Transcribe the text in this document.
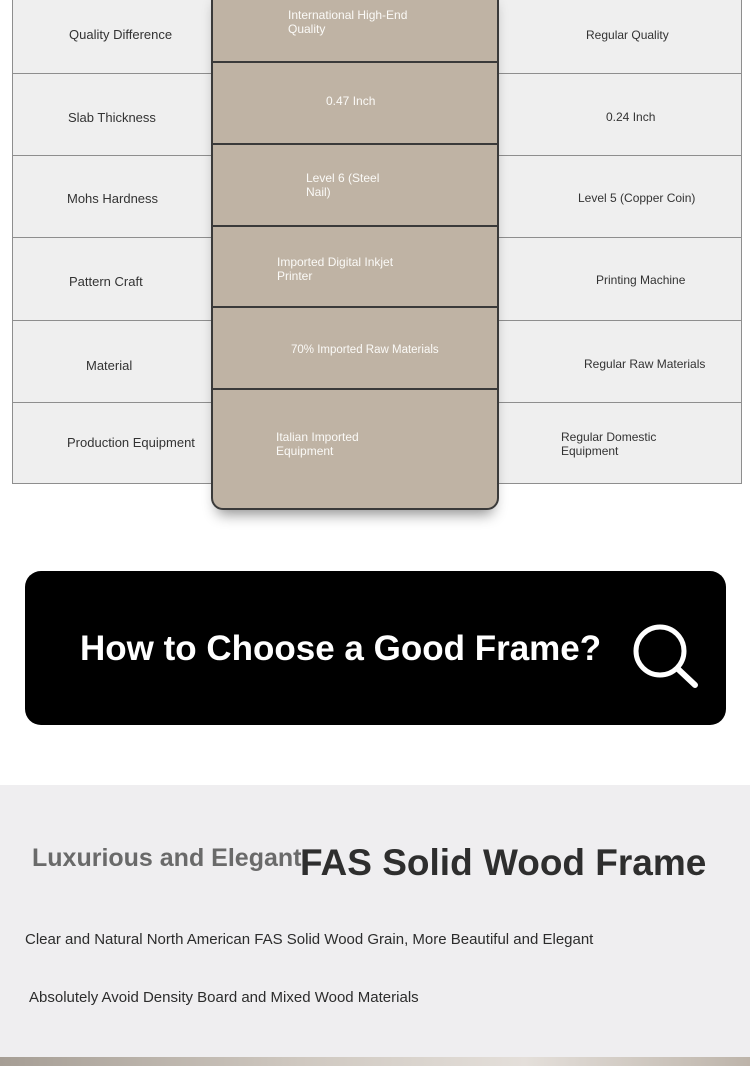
Quality Difference
Slab Thickness
Mohs Hardness
Pattern Craft
Material
Production Equipment
Regular Quality
0.24 Inch
Level 5 (Copper Coin)
Printing Machine
Regular Raw Materials
Regular Domestic Equipment
International High-End Quality
0.47 Inch
Level 6 (Steel Nail)
Imported Digital Inkjet Printer
70% Imported Raw Materials
Italian Imported Equipment
How to Choose a Good Frame?
Luxurious and Elegant
FAS Solid Wood Frame
Clear and Natural North American FAS Solid Wood Grain, More Beautiful and Elegant
Absolutely Avoid Density Board and Mixed Wood Materials
